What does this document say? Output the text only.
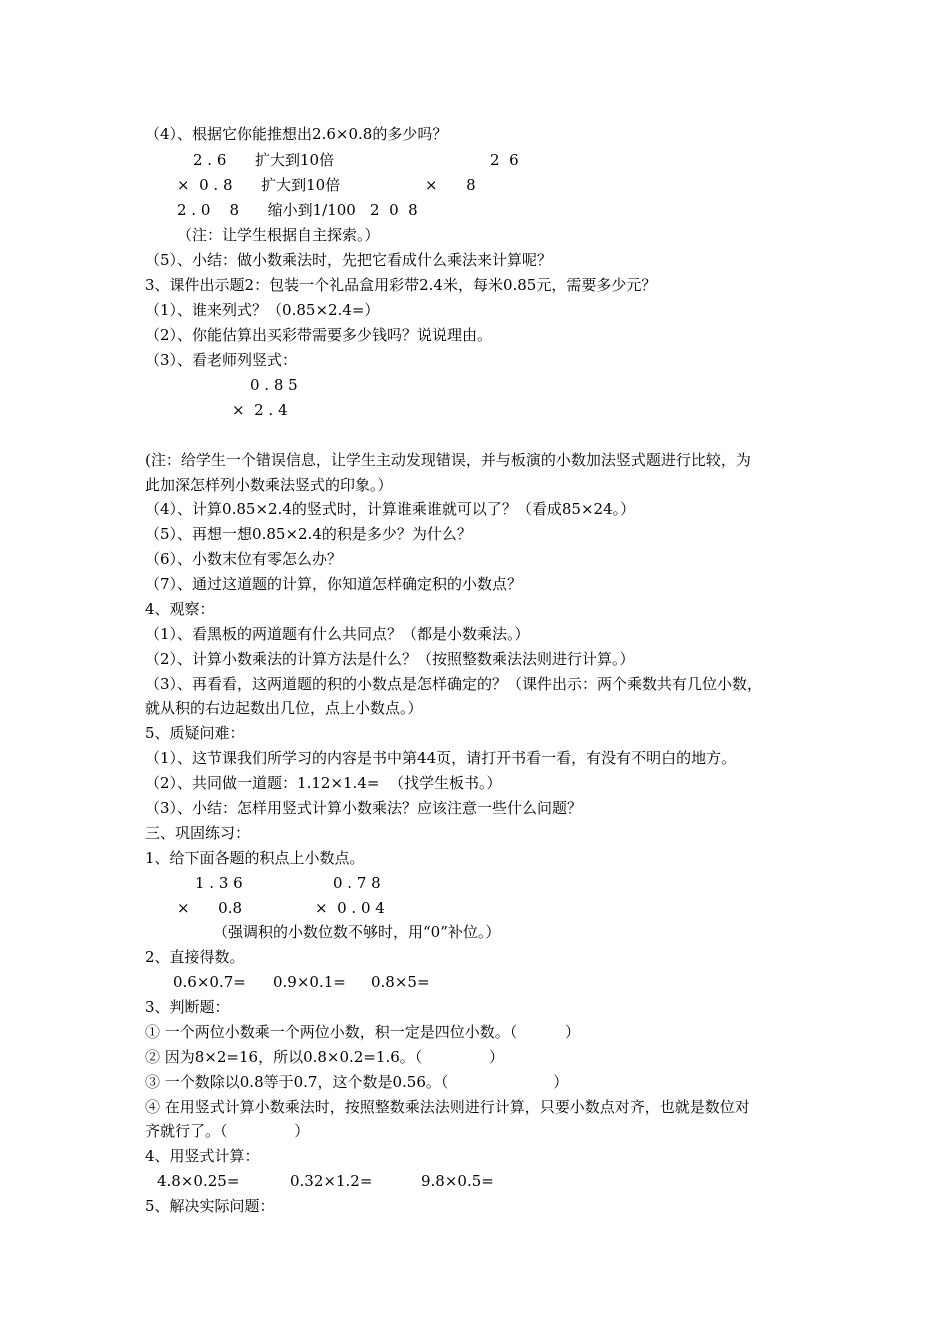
（4）、根据它你能推想出2.6×0.8的多少吗？
2 . 6      扩大到10倍	2  6
×  0 . 8      扩大到10倍	×      8
2 . 0    8      缩小到1/100 2  0  8
（注：让学生根据自主探索。）
（5）、小结：做小数乘法时，先把它看成什么乘法来计算呢？
3、课件出示题2：包装一个礼品盒用彩带2.4米，每米0.85元，需要多少元？
（1）、谁来列式？（0.85×2.4=）
（2）、你能估算出买彩带需要多少钱吗？说说理由。
（3）、看老师列竖式：
0 . 8 5
×  2 . 4
(注：给学生一个错误信息，让学生主动发现错误，并与板演的小数加法竖式题进行比较，为
此加深怎样列小数乘法竖式的印象。）
（4）、计算0.85×2.4的竖式时，计算谁乘谁就可以了？（看成85×24。）
（5）、再想一想0.85×2.4的积是多少？为什么？
（6）、小数末位有零怎么办？
（7）、通过这道题的计算，你知道怎样确定积的小数点？
4、观察：
（1）、看黑板的两道题有什么共同点？（都是小数乘法。）
（2）、计算小数乘法的计算方法是什么？（按照整数乘法法则进行计算。）
（3）、再看看，这两道题的积的小数点是怎样确定的？（课件出示：两个乘数共有几位小数，
就从积的右边起数出几位，点上小数点。）
5、质疑问难：
（1）、这节课我们所学习的内容是书中第44页，请打开书看一看，有没有不明白的地方。
（2）、共同做一道题：1.12×1.4=  （找学生板书。）
（3）、小结：怎样用竖式计算小数乘法？应该注意一些什么问题？
三、巩固练习：
1、给下面各题的积点上小数点。
1 . 3 6	0 . 7 8
×      0.8	×  0 . 0 4
（强调积的小数位数不够时，用“0”补位。）
2、直接得数。
0.6×0.7= 0.9×0.1= 0.8×5=
3、判断题：
① 一个两位小数乘一个两位小数，积一定是四位小数。（          ）
② 因为8×2=16，所以0.8×0.2=1.6。（              ）
③ 一个数除以0.8等于0.7，这个数是0.56。（                      ）
④ 在用竖式计算小数乘法时，按照整数乘法法则进行计算，只要小数点对齐，也就是数位对
齐就行了。（              ）
4、用竖式计算：
4.8×0.25=	0.32×1.2=	9.8×0.5=
5、解决实际问题：
